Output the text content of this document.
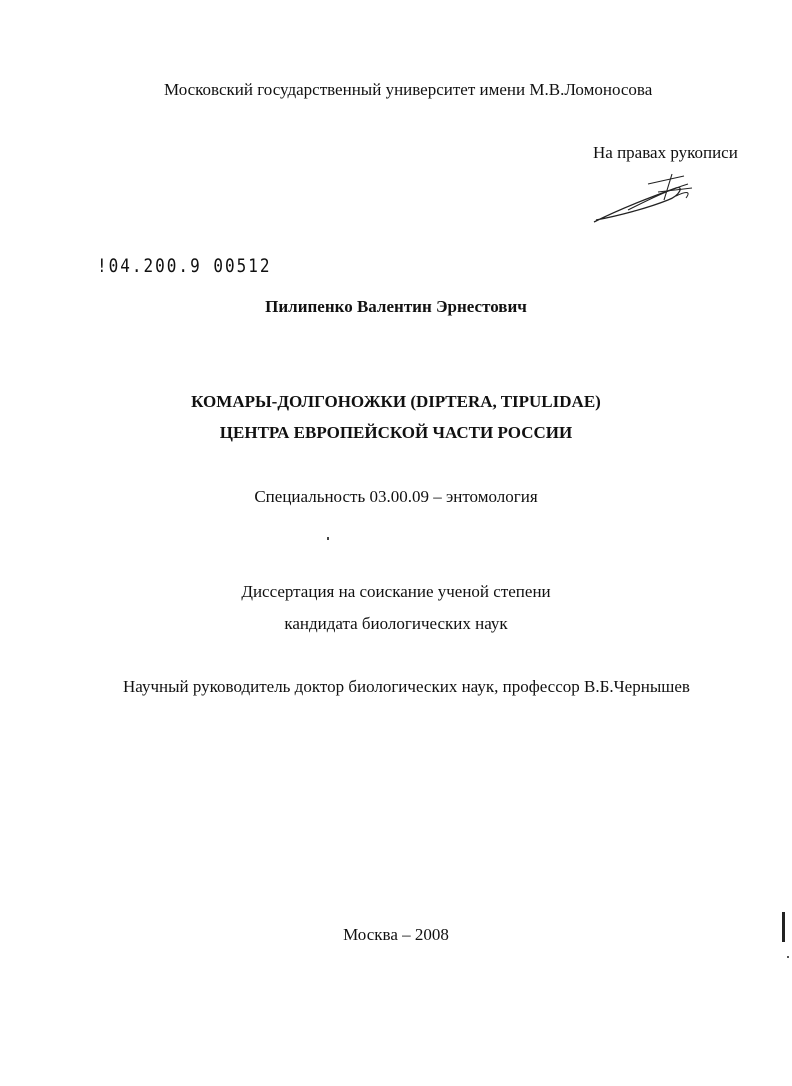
Московский государственный университет имени М.В.Ломоносова
На правах рукописи
!04.200.9 00512
Пилипенко Валентин Эрнестович
КОМАРЫ-ДОЛГОНОЖКИ (DIPTERA, TIPULIDAE)
ЦЕНТРА ЕВРОПЕЙСКОЙ ЧАСТИ РОССИИ
Специальность 03.00.09 – энтомология
Диссертация на соискание ученой степени
кандидата биологических наук
Научный руководитель доктор биологических наук, профессор В.Б.Чернышев
Москва – 2008
